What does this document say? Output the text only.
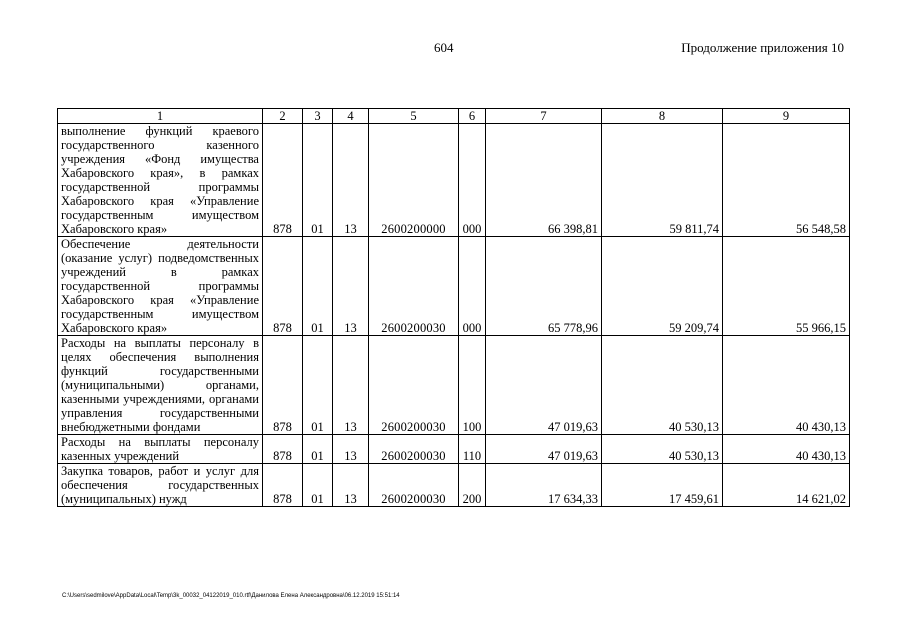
604	Продолжение приложения 10
1	2	3	4	5	6	7	8	9
выполнение функций краевого государственного казенного учреждения «Фонд имущества Хабаровского края», в рамках государственной программы Хабаровского края «Управление государственным имуществом Хабаровского края»	878	01	13	2600200000	000	66 398,81	59 811,74	56 548,58
Обеспечение деятельности (оказание услуг) подведомственных учреждений в рамках государственной программы Хабаровского края «Управление государственным имуществом Хабаровского края»	878	01	13	2600200030	000	65 778,96	59 209,74	55 966,15
Расходы на выплаты персоналу в целях обеспечения выполнения функций государственными (муниципальными) органами, казенными учреждениями, органами управления государственными внебюджетными фондами	878	01	13	2600200030	100	47 019,63	40 530,13	40 430,13
Расходы на выплаты персоналу казенных учреждений	878	01	13	2600200030	110	47 019,63	40 530,13	40 430,13
Закупка товаров, работ и услуг для обеспечения государственных (муниципальных) нужд	878	01	13	2600200030	200	17 634,33	17 459,61	14 621,02
C:\Users\sedmilove\AppData\Local\Temp\3k_00032_04122019_010.rtf\Данилова Елена Александровна\06.12.2019 15:51:14
